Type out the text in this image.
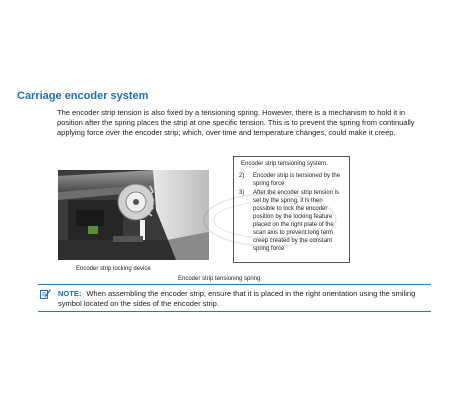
Carriage encoder system

The encoder strip tension is also fixed by a tensioning spring. However, there is a mechanism to hold it in position after the spring places the strip at one specific tension. This is to prevent the spring from continually applying force over the encoder strip; which, over time and temperature changes, could make it creep.

Encoder strip tensioning system.

2) Encoder strip is tensioned by the spring force
3) After the encoder strip tension is set by the spring, it is then possible to lock the encoder position by the locking feature placed on the right plate of the scan axis to prevent long term creep created by the constant spring force
Encoder strip locking device
Encoder strip tensioning spring

NOTE: When assembling the encoder strip, ensure that it is placed in the right orientation using the smiling symbol located on the sides of the encoder strip.
